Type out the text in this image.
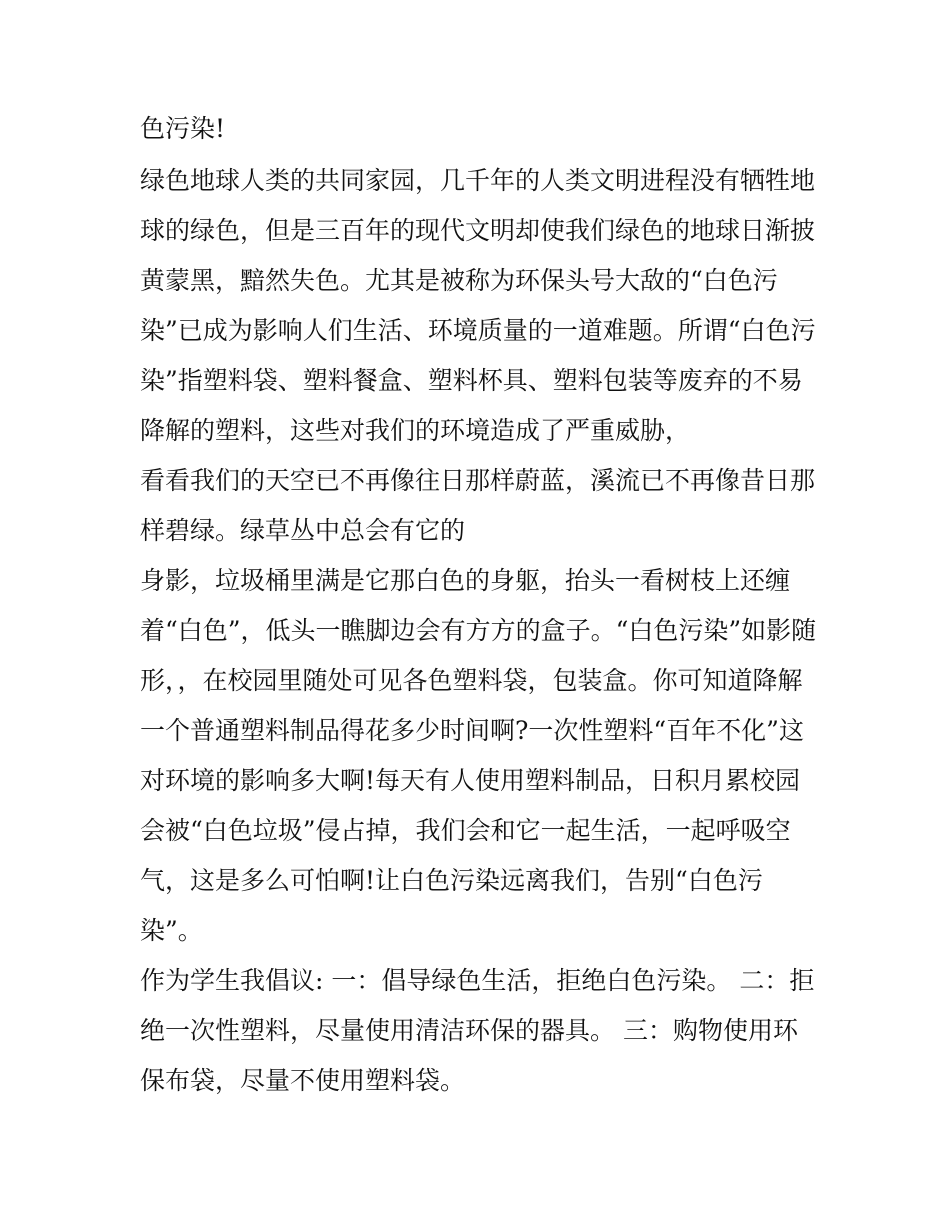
色污染!
绿色地球人类的共同家园，几千年的人类文明进程没有牺牲地
球的绿色，但是三百年的现代文明却使我们绿色的地球日渐披
黄蒙黑，黯然失色。尤其是被称为环保头号大敌的“白色污
染”已成为影响人们生活、环境质量的一道难题。所谓“白色污
染”指塑料袋、塑料餐盒、塑料杯具、塑料包装等废弃的不易
降解的塑料，这些对我们的环境造成了严重威胁，
看看我们的天空已不再像往日那样蔚蓝，溪流已不再像昔日那
样碧绿。绿草丛中总会有它的
身影，垃圾桶里满是它那白色的身躯，抬头一看树枝上还缠
着“白色”，低头一瞧脚边会有方方的盒子。“白色污染”如影随
形，，在校园里随处可见各色塑料袋，包装盒。你可知道降解
一个普通塑料制品得花多少时间啊?一次性塑料“百年不化”这
对环境的影响多大啊!每天有人使用塑料制品，日积月累校园
会被“白色垃圾”侵占掉，我们会和它一起生活，一起呼吸空
气，这是多么可怕啊!让白色污染远离我们，告别“白色污
染”。
作为学生我倡议: 一：倡导绿色生活，拒绝白色污染。 二：拒
绝一次性塑料，尽量使用清洁环保的器具。 三：购物使用环
保布袋，尽量不使用塑料袋。
